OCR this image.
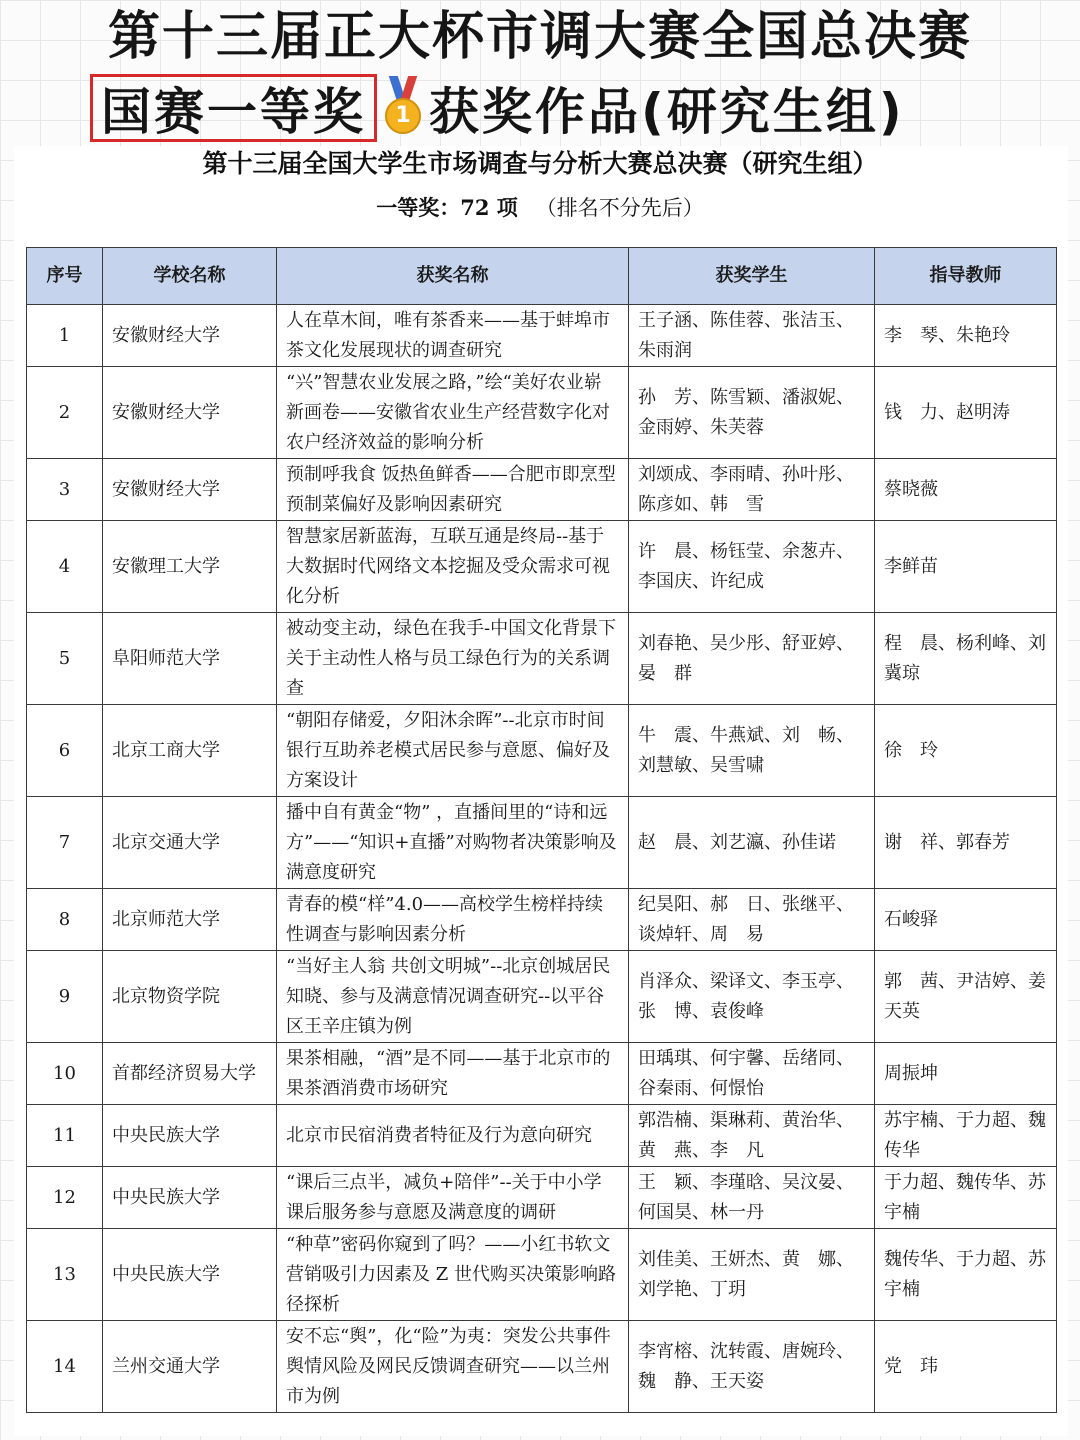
第十三届正大杯市调大赛全国总决赛
国赛一等奖	1 获奖作品(研究生组)
第十三届全国大学生市场调查与分析大赛总决赛（研究生组）
一等奖：72 项 （排名不分先后）
序号	学校名称	获奖名称	获奖学生	指导教师
1	安徽财经大学	人在草木间，唯有茶香来——基于蚌埠市茶文化发展现状的调查研究	王子涵、陈佳蓉、张洁玉、朱雨润	李　琴、朱艳玲
2	安徽财经大学	“兴”智慧农业发展之路，”绘“美好农业崭新画卷——安徽省农业生产经营数字化对农户经济效益的影响分析	孙　芳、陈雪颖、潘淑妮、金雨婷、朱芙蓉	钱　力、赵明涛
3	安徽财经大学	预制呼我食 饭热鱼鲜香——合肥市即烹型预制菜偏好及影响因素研究	刘颂成、李雨晴、孙叶彤、陈彦如、韩　雪	蔡晓薇
4	安徽理工大学	智慧家居新蓝海，互联互通是终局--基于大数据时代网络文本挖掘及受众需求可视化分析	许　晨、杨钰莹、余葱卉、李国庆、许纪成	李鲜苗
5	阜阳师范大学	被动变主动，绿色在我手-中国文化背景下关于主动性人格与员工绿色行为的关系调查	刘春艳、吴少彤、舒亚婷、晏　群	程　晨、杨利峰、刘冀琼
6	北京工商大学	“朝阳存储爱，夕阳沐余晖”--北京市时间银行互助养老模式居民参与意愿、偏好及方案设计	牛　震、牛燕斌、刘　畅、刘慧敏、吴雪啸	徐　玲
7	北京交通大学	播中自有黄金“物” ，直播间里的“诗和远方”——“知识+直播”对购物者决策影响及满意度研究	赵　晨、刘艺瀛、孙佳诺	谢　祥、郭春芳
8	北京师范大学	青春的模“样”4.0——高校学生榜样持续性调查与影响因素分析	纪昊阳、郝　日、张继平、谈焯轩、周　易	石峻驿
9	北京物资学院	“当好主人翁 共创文明城”--北京创城居民知晓、参与及满意情况调查研究--以平谷区王辛庄镇为例	肖泽众、梁译文、李玉亭、张　博、袁俊峰	郭　茜、尹洁婷、姜天英
10	首都经济贸易大学	果茶相融，“酒”是不同——基于北京市的果茶酒消费市场研究	田瑀琪、何宇馨、岳绪同、谷秦雨、何憬怡	周振坤
11	中央民族大学	北京市民宿消费者特征及行为意向研究	郭浩楠、渠琳莉、黄治华、黄　燕、李　凡	苏宇楠、于力超、魏传华
12	中央民族大学	“课后三点半，减负+陪伴”--关于中小学课后服务参与意愿及满意度的调研	王　颖、李瑾晗、吴汶晏、何国昊、林一丹	于力超、魏传华、苏宇楠
13	中央民族大学	“种草”密码你窥到了吗？——小红书软文营销吸引力因素及 Z 世代购买决策影响路径探析	刘佳美、王妍杰、黄　娜、刘学艳、丁玥	魏传华、于力超、苏宇楠
14	兰州交通大学	安不忘“舆”，化“险”为夷：突发公共事件舆情风险及网民反馈调查研究——以兰州市为例	李宵榕、沈转霞、唐婉玲、魏　静、王天姿	党　玮
